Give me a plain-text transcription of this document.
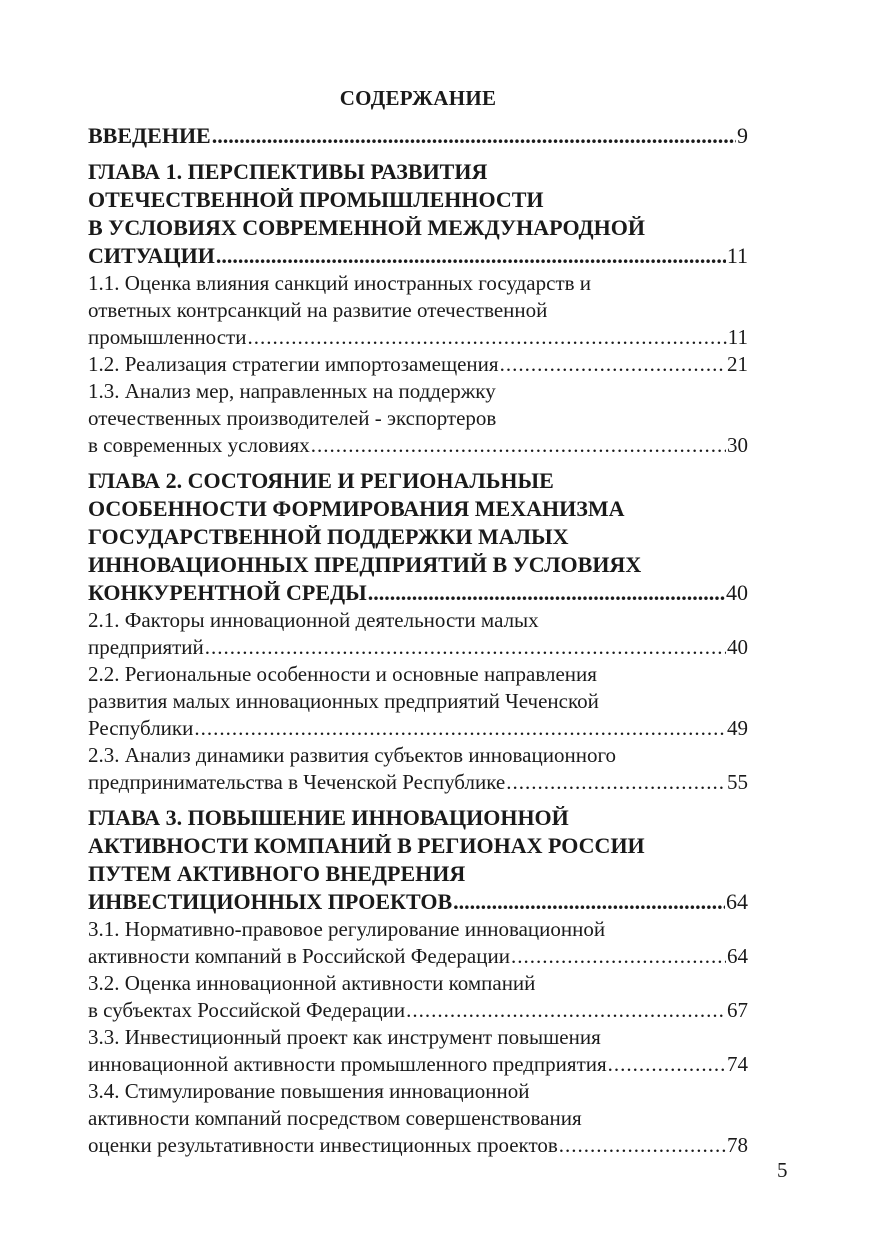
СОДЕРЖАНИЕ
ВВЕДЕНИЕ .....	9
ГЛАВА 1. ПЕРСПЕКТИВЫ РАЗВИТИЯ
ОТЕЧЕСТВЕННОЙ ПРОМЫШЛЕННОСТИ
В УСЛОВИЯХ СОВРЕМЕННОЙ МЕЖДУНАРОДНОЙ
СИТУАЦИИ .....	11
1.1. Оценка влияния санкций иностранных государств и
ответных контрсанкций на развитие отечественной
промышленности .....	11
1.2. Реализация стратегии импортозамещения .....	21
1.3. Анализ мер, направленных на поддержку
отечественных производителей - экспортеров
в современных условиях .....	30
ГЛАВА 2. СОСТОЯНИЕ И РЕГИОНАЛЬНЫЕ
ОСОБЕННОСТИ ФОРМИРОВАНИЯ МЕХАНИЗМА
ГОСУДАРСТВЕННОЙ ПОДДЕРЖКИ МАЛЫХ
ИННОВАЦИОННЫХ ПРЕДПРИЯТИЙ В УСЛОВИЯХ
КОНКУРЕНТНОЙ СРЕДЫ .....	40
2.1. Факторы инновационной деятельности малых
предприятий .....	40
2.2. Региональные особенности и основные направления
развития малых инновационных предприятий Чеченской
Республики .....	49
2.3. Анализ динамики развития субъектов инновационного
предпринимательства в Чеченской Республике .....	55
ГЛАВА 3. ПОВЫШЕНИЕ ИННОВАЦИОННОЙ
АКТИВНОСТИ КОМПАНИЙ В РЕГИОНАХ РОССИИ
ПУТЕМ АКТИВНОГО ВНЕДРЕНИЯ
ИНВЕСТИЦИОННЫХ ПРОЕКТОВ .....	64
3.1. Нормативно-правовое регулирование инновационной
активности компаний в Российской Федерации .....	64
3.2. Оценка инновационной активности компаний
в субъектах Российской Федерации .....	67
3.3. Инвестиционный проект как инструмент повышения
инновационной активности промышленного предприятия .....	74
3.4. Стимулирование повышения инновационной
активности компаний посредством совершенствования
оценки результативности инвестиционных проектов .....	78
5
